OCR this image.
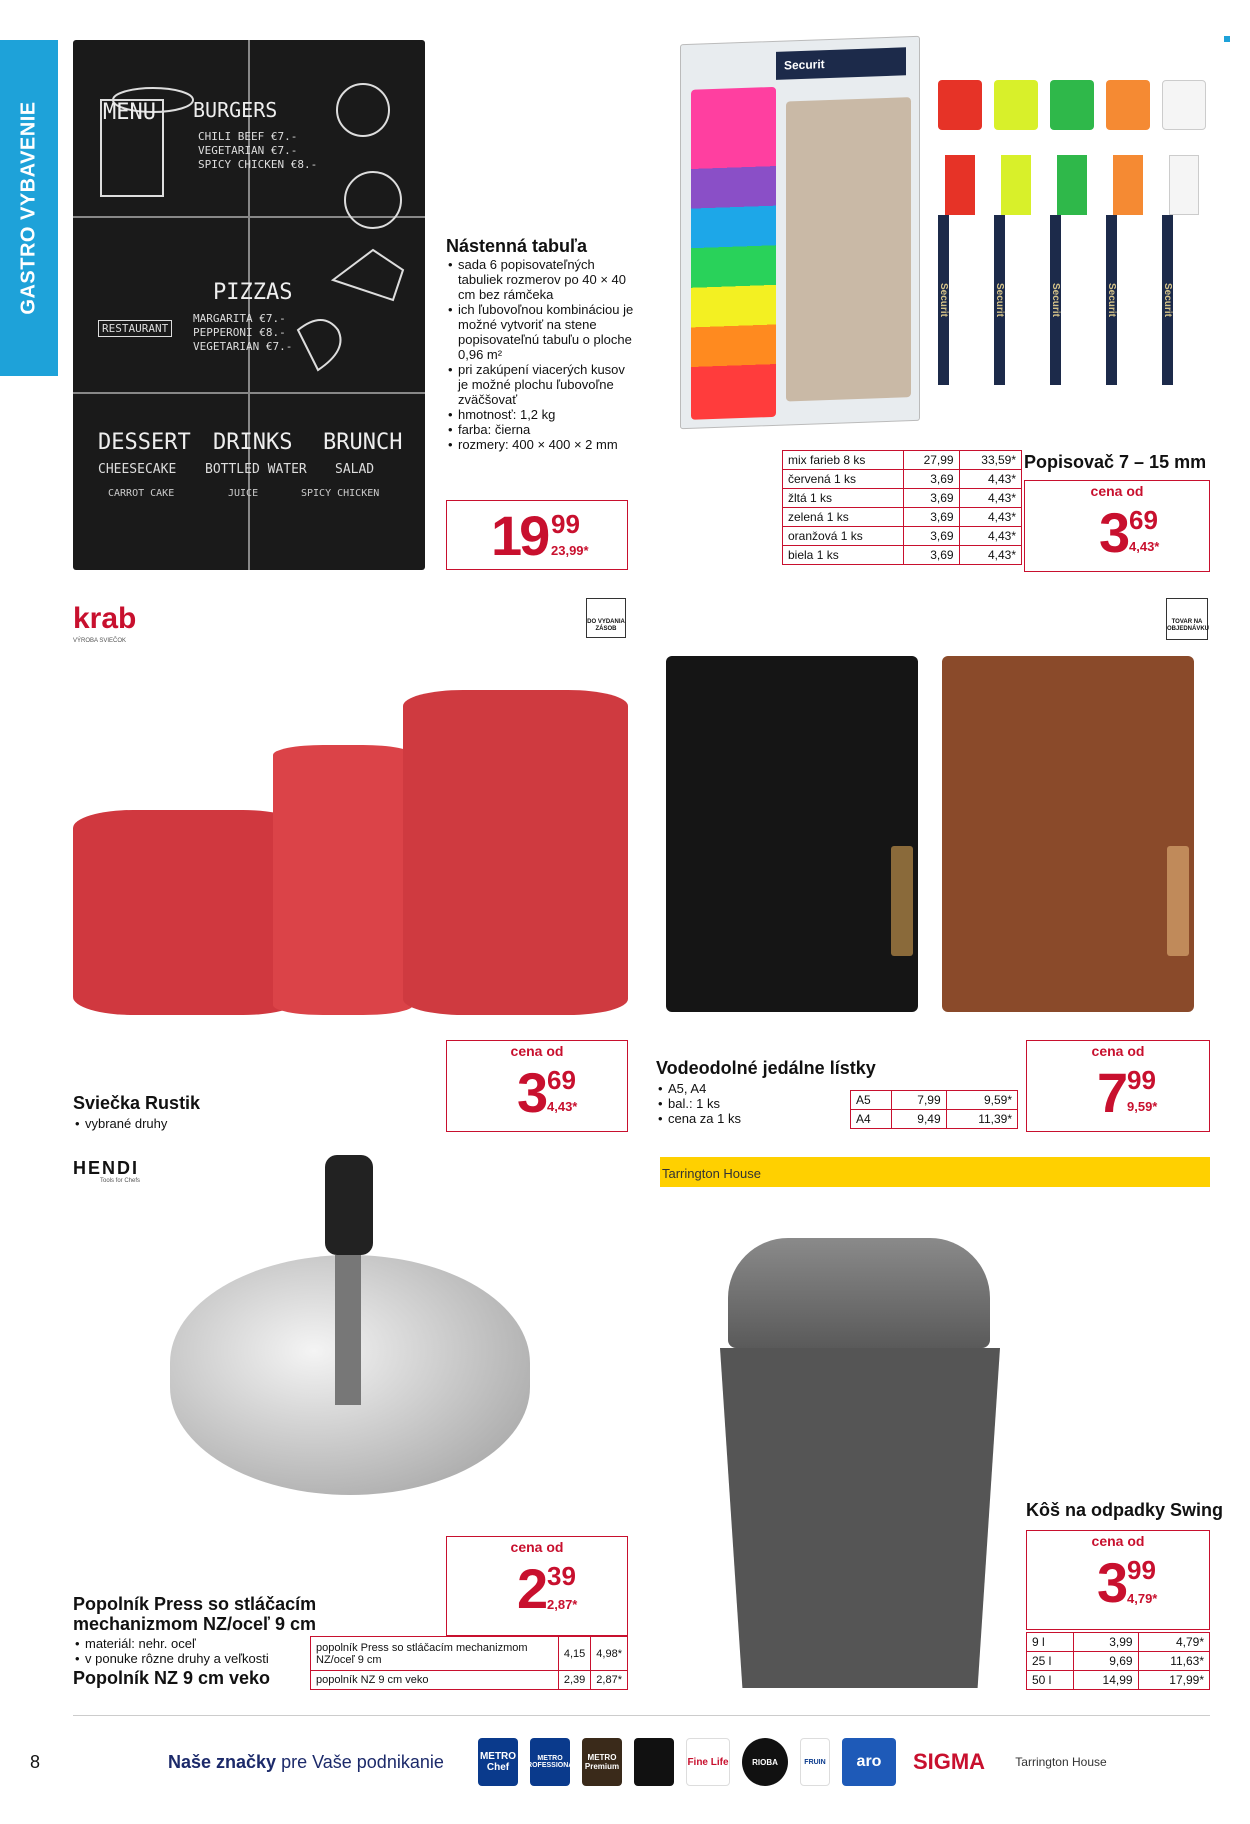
GASTRO VYBAVENIE	MENU BURGERS
CHILI BEEF €7.-
VEGETARIAN €7.-
SPICY CHICKEN €8.-
PIZZAS
RESTAURANT
MARGARITA €7.-
PEPPERONI €8.-
VEGETARIAN €7.-
DESSERT DRINKS BRUNCH
CHEESECAKE BOTTLED WATER SALAD
CARROT CAKE	JUICE	SPICY CHICKEN
Nástenná tabuľa
• sada 6 popisovateľných tabuliek rozmerov po 40 × 40 cm bez rámčeka
• ich ľubovoľnou kombináciou je možné vytvoriť na stene popisovateľnú tabuľu o ploche 0,96 m²
• pri zakúpení viacerých kusov je možné plochu ľubovoľne zväčšovať
• hmotnosť: 1,2 kg
• farba: čierna
• rozmery: 400 × 400 × 2 mm
19 99
23,99*
Securit
Securit	Securit	Securit	Securit	Securit
mix farieb 8 ks	27,99	33,59*
červená 1 ks	3,69	4,43*
žltá 1 ks	3,69	4,43*
zelená 1 ks	3,69	4,43*
oranžová 1 ks	3,69	4,43*
biela 1 ks	3,69	4,43*
Popisovač 7 – 15 mm
cena od
3 69
4,43*
krab
VÝROBA SVIEČOK
DO VYDANIA ZÁSOB
Sviečka Rustik
• vybrané druhy
cena od
3 69
4,43*
TOVAR NA OBJEDNÁVKU
Vodeodolné jedálne lístky
• A5, A4
• bal.: 1 ks
• cena za 1 ks
A5	7,99	9,59*
A4	9,49	11,39*
cena od
7 99
9,59*
HENDI
Tools for Chefs
Popolník Press so stláčacím mechanizmom NZ/oceľ 9 cm
• materiál: nehr. oceľ
• v ponuke rôzne druhy a veľkosti
Popolník NZ 9 cm veko
cena od
2 39
2,87*
popolník Press so stláčacím mechanizmom NZ/oceľ 9 cm	4,15	4,98*
popolník NZ 9 cm veko	2,39	2,87*
Tarrington House
Kôš na odpadky Swing
cena od
3 99
4,79*
9 l	3,99	4,79*
25 l	9,69	11,63*
50 l	14,99	17,99*
8	Naše značky pre Vaše podnikanie	METRO Chef
METRO PROFESSIONAL
METRO Premium	Fine Life	RIOBA	FRUIN	aro	SIGMA	Tarrington House
